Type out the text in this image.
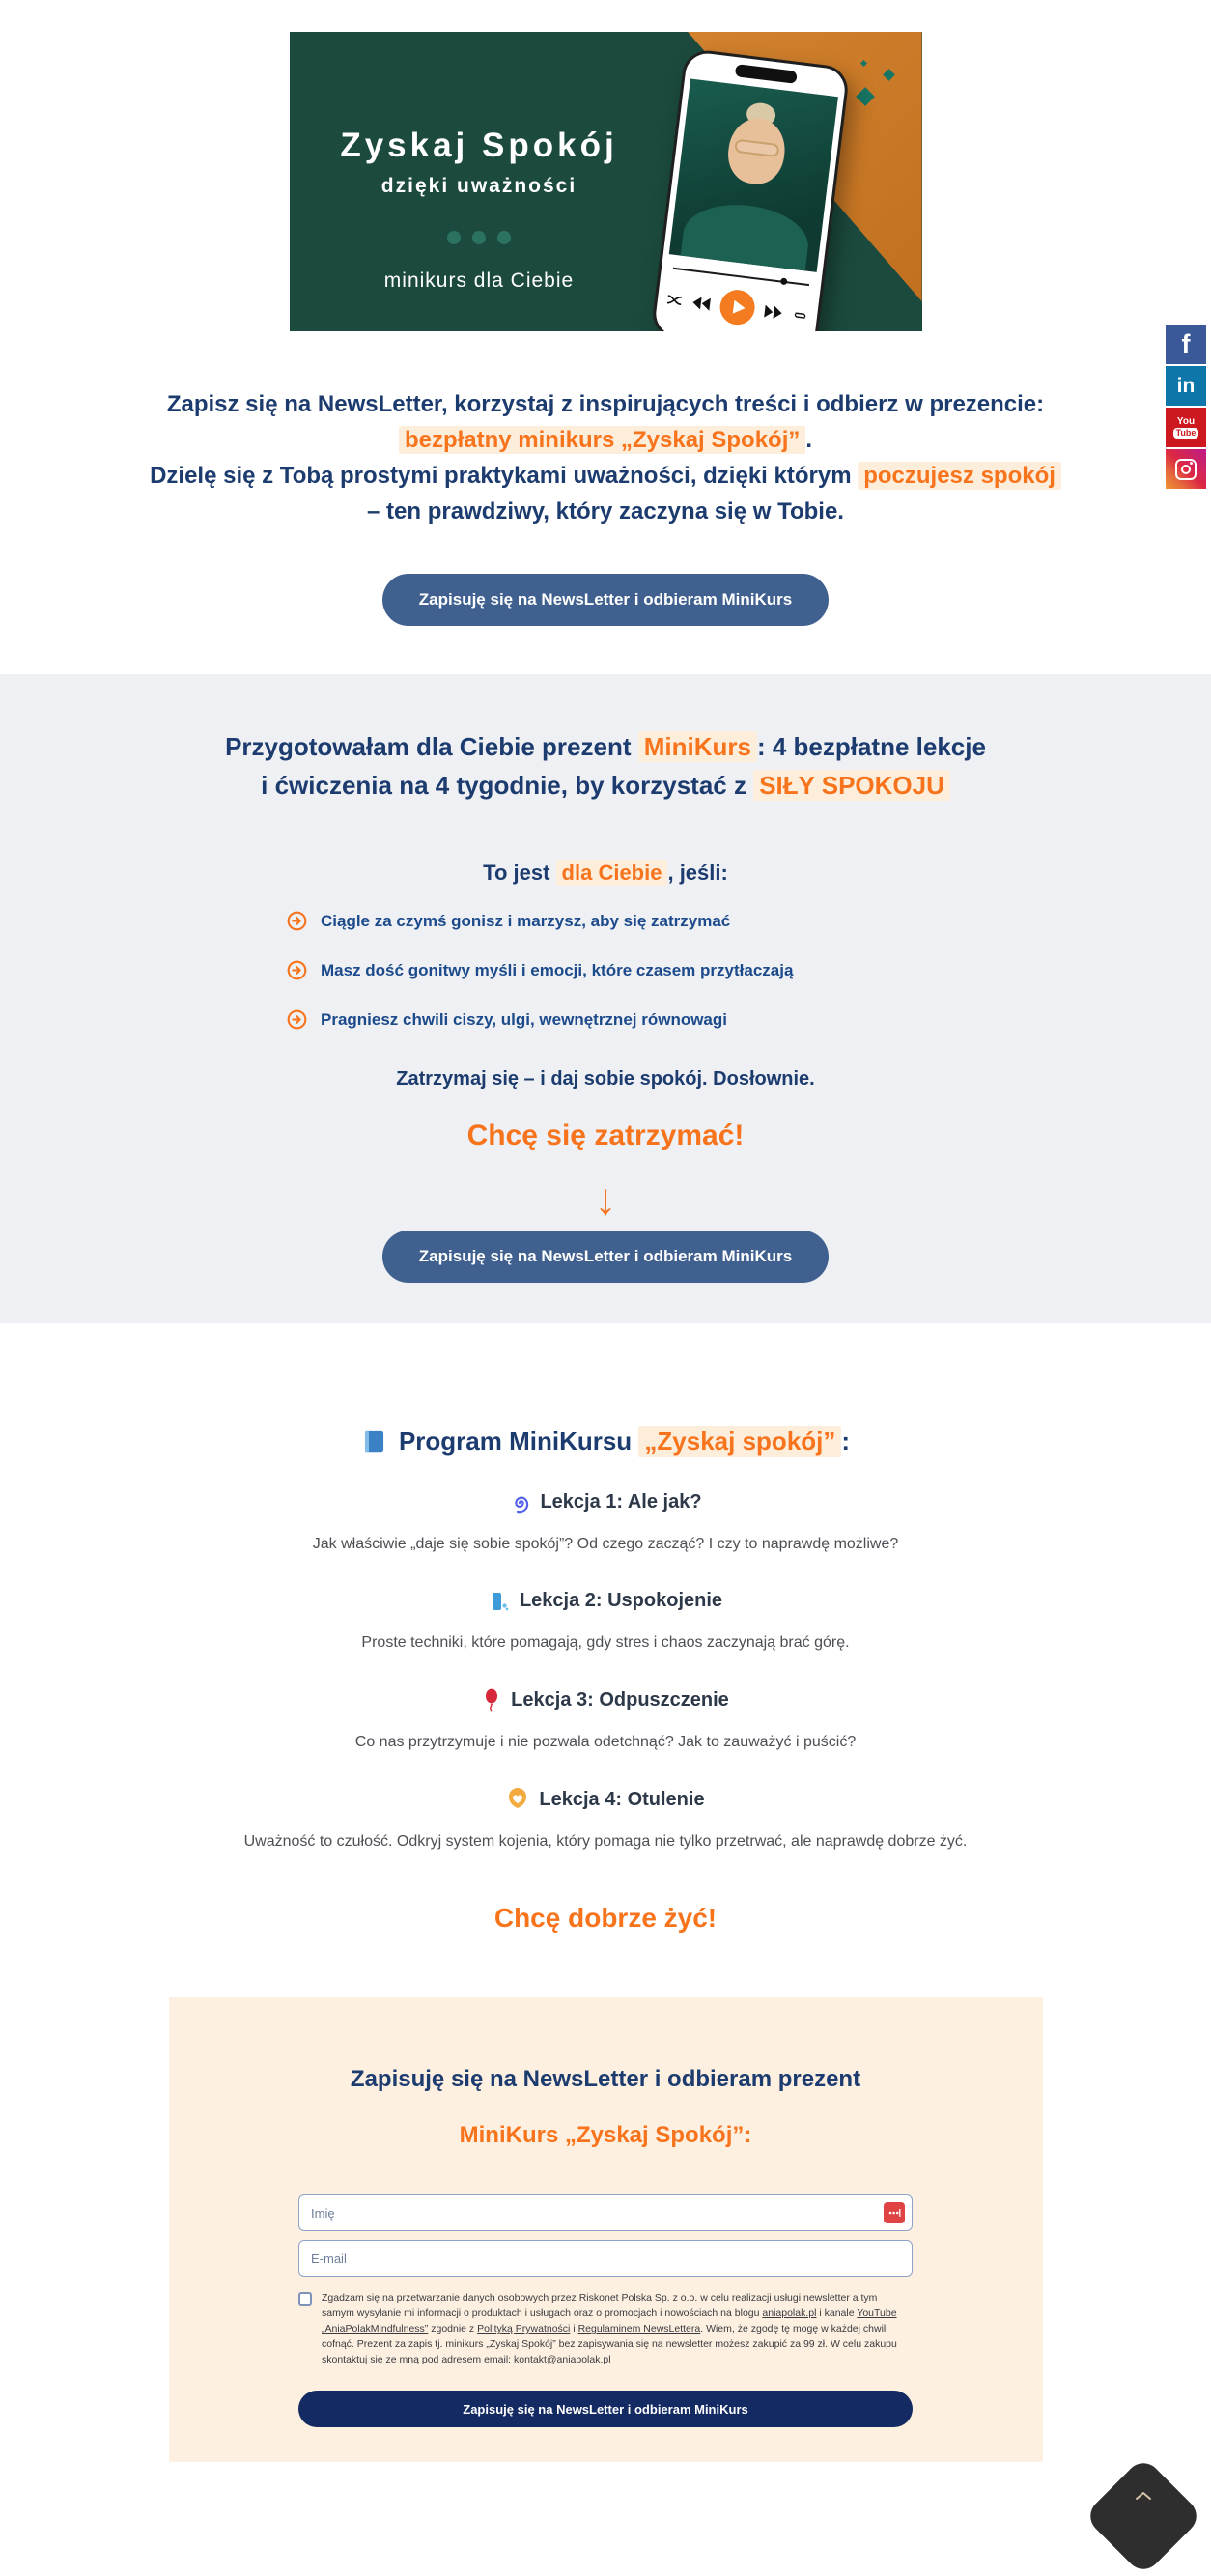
f
in
You
Tube
Zyskaj Spokój
dzięki uważności
minikurs dla Ciebie

Zapisz się na NewsLetter, korzystaj z inspirujących treści i odbierz w prezencie: bezpłatny minikurs „Zyskaj Spokój” .
Dzielę się z Tobą prostymi praktykami uważności, dzięki którym poczujesz spokój – ten prawdziwy, który zaczyna się w Tobie.

Zapisuję się na NewsLetter i odbieram MiniKurs
Przygotowałam dla Ciebie prezent MiniKurs : 4 bezpłatne lekcje
i ćwiczenia na 4 tygodnie, by korzystać z SIŁY SPOKOJU
To jest dla Ciebie , jeśli:
Ciągle za czymś gonisz i marzysz, aby się zatrzymać
Masz dość gonitwy myśli i emocji, które czasem przytłaczają
Pragniesz chwili ciszy, ulgi, wewnętrznej równowagi

Zatrzymaj się – i daj sobie spokój. Dosłownie.

Chcę się zatrzymać!
↓
Zapisuję się na NewsLetter i odbieram MiniKurs
Program MiniKursu „Zyskaj spokój” :
Lekcja 1: Ale jak?

Jak właściwie „daje się sobie spokój”? Od czego zacząć? I czy to naprawdę możliwe?

Lekcja 2: Uspokojenie

Proste techniki, które pomagają, gdy stres i chaos zaczynają brać górę.

Lekcja 3: Odpuszczenie

Co nas przytrzymuje i nie pozwala odetchnąć? Jak to zauważyć i puścić?

Lekcja 4: Otulenie

Uważność to czułość. Odkryj system kojenia, który pomaga nie tylko przetrwać, ale naprawdę dobrze żyć.

Chcę dobrze żyć!
Zapisuję się na NewsLetter i odbieram prezent
MiniKurs „Zyskaj Spokój”:
Imię
E-mail
Zgadzam się na przetwarzanie danych osobowych przez Riskonet Polska Sp. z o.o. w celu realizacji usługi newsletter a tym samym wysyłanie mi informacji o produktach i usługach oraz o promocjach i nowościach na blogu aniapolak.pl i kanale YouTube „AniaPolakMindfulness” zgodnie z Polityką Prywatności i Regulaminem NewsLettera. Wiem, że zgodę tę mogę w każdej chwili cofnąć. Prezent za zapis tj. minikurs „Zyskaj Spokój” bez zapisywania się na newsletter możesz zakupić za 99 zł. W celu zakupu skontaktuj się ze mną pod adresem email: kontakt@aniapolak.pl
Zapisuję się na NewsLetter i odbieram MiniKurs
